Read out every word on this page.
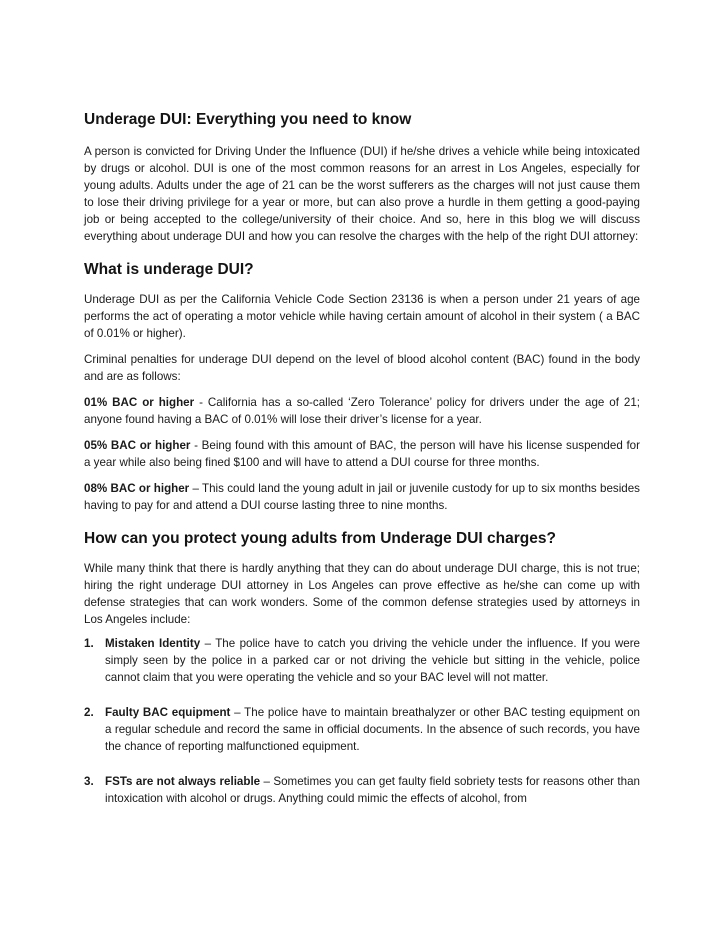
Underage DUI: Everything you need to know

A person is convicted for Driving Under the Influence (DUI) if he/she drives a vehicle while being intoxicated by drugs or alcohol. DUI is one of the most common reasons for an arrest in Los Angeles, especially for young adults. Adults under the age of 21 can be the worst sufferers as the charges will not just cause them to lose their driving privilege for a year or more, but can also prove a hurdle in them getting a good-paying job or being accepted to the college/university of their choice. And so, here in this blog we will discuss everything about underage DUI and how you can resolve the charges with the help of the right DUI attorney:

What is underage DUI?

Underage DUI as per the California Vehicle Code Section 23136 is when a person under 21 years of age performs the act of operating a motor vehicle while having certain amount of alcohol in their system ( a BAC of 0.01% or higher).

Criminal penalties for underage DUI depend on the level of blood alcohol content (BAC) found in the body and are as follows:

01% BAC or higher - California has a so-called ‘Zero Tolerance’ policy for drivers under the age of 21; anyone found having a BAC of 0.01% will lose their driver’s license for a year.

05% BAC or higher - Being found with this amount of BAC, the person will have his license suspended for a year while also being fined $100 and will have to attend a DUI course for three months.

08% BAC or higher – This could land the young adult in jail or juvenile custody for up to six months besides having to pay for and attend a DUI course lasting three to nine months.

How can you protect young adults from Underage DUI charges?

While many think that there is hardly anything that they can do about underage DUI charge, this is not true; hiring the right underage DUI attorney in Los Angeles can prove effective as he/she can come up with defense strategies that can work wonders. Some of the common defense strategies used by attorneys in Los Angeles include:

1. Mistaken Identity – The police have to catch you driving the vehicle under the influence. If you were simply seen by the police in a parked car or not driving the vehicle but sitting in the vehicle, police cannot claim that you were operating the vehicle and so your BAC level will not matter.
2. Faulty BAC equipment – The police have to maintain breathalyzer or other BAC testing equipment on a regular schedule and record the same in official documents. In the absence of such records, you have the chance of reporting malfunctioned equipment.
3. FSTs are not always reliable – Sometimes you can get faulty field sobriety tests for reasons other than intoxication with alcohol or drugs. Anything could mimic the effects of alcohol, from
